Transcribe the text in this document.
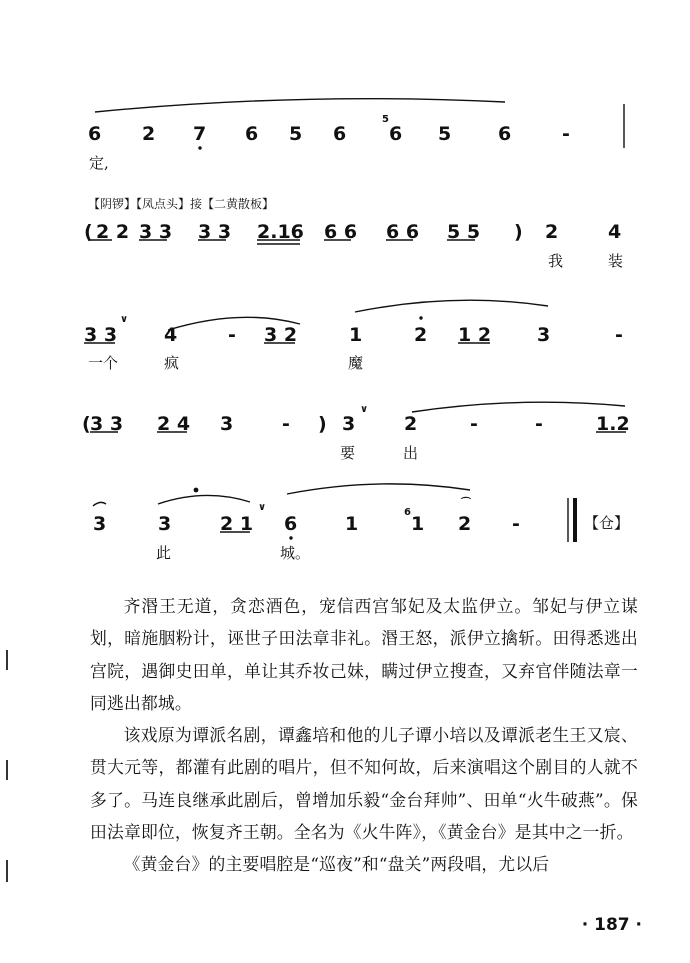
6 2 7 6 5 6 6 5 6	-
5
定,
【阴锣】【凤点头】接【二黄散板】
( 2 2 3 3 3 3 2.16 6 6 6 6 5 5 ) 2	4
我	装
3 3
∨
4	- 3 2	1	2 1 2 3	-
一个	疯	魔
( 3 3 2 4 3	- ) 3
∨
2	-	-	1.2
要	出
3	3	2 1
∨
6	1
6
1 2
⌒
-	【仓】
此	城。

齐湣王无道，贪恋酒色，宠信西宫邹妃及太监伊立。邹妃与伊立谋划，暗施胭粉计，诬世子田法章非礼。湣王怒，派伊立擒斩。田得悉逃出宫院，遇御史田单，单让其乔妆己妹，瞒过伊立搜查，又弃官伴随法章一同逃出都城。

该戏原为谭派名剧，谭鑫培和他的儿子谭小培以及谭派老生王又宸、贯大元等，都灌有此剧的唱片，但不知何故，后来演唱这个剧目的人就不多了。马连良继承此剧后，曾增加乐毅“金台拜帅”、田单“火牛破燕”。保田法章即位，恢复齐王朝。全名为《火牛阵》，《黄金台》是其中之一折。

《黄金台》的主要唱腔是“巡夜”和“盘关”两段唱，尤以后

· 187 ·
